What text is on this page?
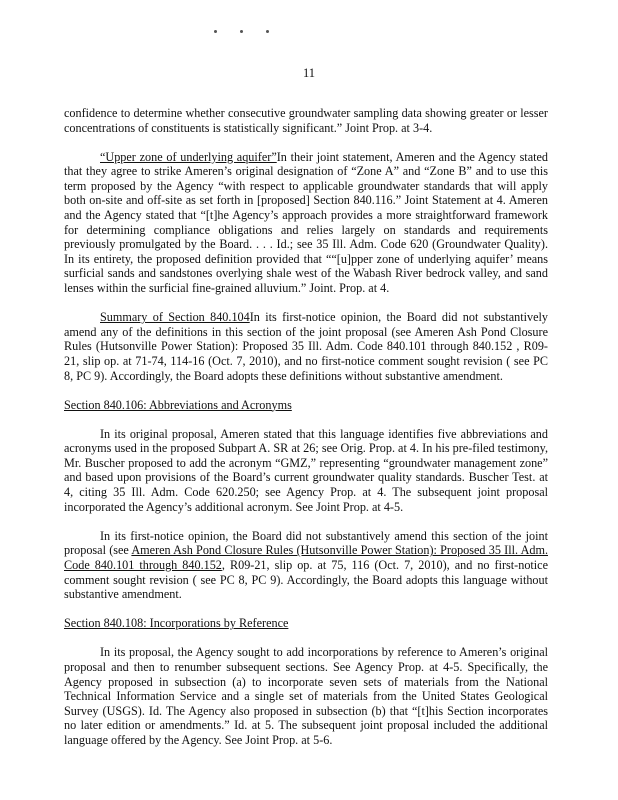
11

confidence to determine whether consecutive groundwater sampling data showing greater or lesser concentrations of constituents is statistically significant.” Joint Prop. at 3-4.

“Upper zone of underlying aquifer”In their joint statement, Ameren and the Agency stated that they agree to strike Ameren’s original designation of “Zone A” and “Zone B” and to use this term proposed by the Agency “with respect to applicable groundwater standards that will apply both on-site and off-site as set forth in [proposed] Section 840.116.” Joint Statement at 4. Ameren and the Agency stated that “[t]he Agency’s approach provides a more straightforward framework for determining compliance obligations and relies largely on standards and requirements previously promulgated by the Board. . . . Id.; see 35 Ill. Adm. Code 620 (Groundwater Quality). In its entirety, the proposed definition provided that ““[u]pper zone of underlying aquifer’ means surficial sands and sandstones overlying shale west of the Wabash River bedrock valley, and sand lenses within the surficial fine-grained alluvium.” Joint. Prop. at 4.

Summary of Section 840.104In its first-notice opinion, the Board did not substantively amend any of the definitions in this section of the joint proposal (see Ameren Ash Pond Closure Rules (Hutsonville Power Station): Proposed 35 Ill. Adm. Code 840.101 through 840.152 , R09-21, slip op. at 71-74, 114-16 (Oct. 7, 2010), and no first-notice comment sought revision ( see PC 8, PC 9). Accordingly, the Board adopts these definitions without substantive amendment.

Section 840.106: Abbreviations and Acronyms

In its original proposal, Ameren stated that this language identifies five abbreviations and acronyms used in the proposed Subpart A. SR at 26; see Orig. Prop. at 4. In his pre-filed testimony, Mr. Buscher proposed to add the acronym “GMZ,” representing “groundwater management zone” and based upon provisions of the Board’s current groundwater quality standards. Buscher Test. at 4, citing 35 Ill. Adm. Code 620.250; see Agency Prop. at 4. The subsequent joint proposal incorporated the Agency’s additional acronym. See Joint Prop. at 4-5.

In its first-notice opinion, the Board did not substantively amend this section of the joint proposal (see Ameren Ash Pond Closure Rules (Hutsonville Power Station): Proposed 35 Ill. Adm. Code 840.101 through 840.152, R09-21, slip op. at 75, 116 (Oct. 7, 2010), and no first-notice comment sought revision ( see PC 8, PC 9). Accordingly, the Board adopts this language without substantive amendment.

Section 840.108: Incorporations by Reference

In its proposal, the Agency sought to add incorporations by reference to Ameren’s original proposal and then to renumber subsequent sections. See Agency Prop. at 4-5. Specifically, the Agency proposed in subsection (a) to incorporate seven sets of materials from the National Technical Information Service and a single set of materials from the United States Geological Survey (USGS). Id. The Agency also proposed in subsection (b) that “[t]his Section incorporates no later edition or amendments.” Id. at 5. The subsequent joint proposal included the additional language offered by the Agency. See Joint Prop. at 5-6.
